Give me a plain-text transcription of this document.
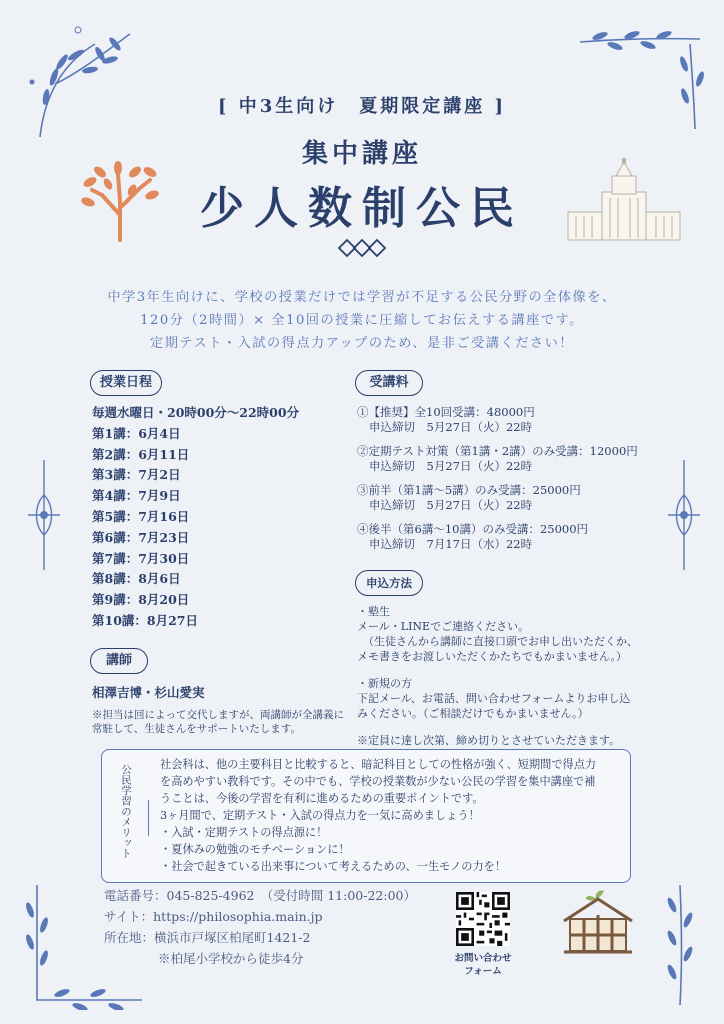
[ 中3生向け　夏期限定講座 ]
集中講座
少人数制公民
中学3年生向けに、学校の授業だけでは学習が不足する公民分野の全体像を、
120分（2時間）× 全10回の授業に圧縮してお伝えする講座です。
定期テスト・入試の得点力アップのため、是非ご受講ください！
授業日程
毎週水曜日・20時00分〜22時00分
第1講：6月4日
第2講：6月11日
第3講：7月2日
第4講：7月9日
第5講：7月16日
第6講：7月23日
第7講：7月30日
第8講：8月6日
第9講：8月20日
第10講：8月27日
講師
相澤吉博・杉山愛実
※担当は回によって交代しますが、両講師が全講義に
常駐して、生徒さんをサポートいたします。
受講料
①【推奨】全10回受講：48000円
申込締切　5月27日（火）22時
②定期テスト対策（第1講・2講）のみ受講：12000円
申込締切　5月27日（火）22時
③前半（第1講〜5講）のみ受講：25000円
申込締切　5月27日（火）22時
④後半（第6講〜10講）のみ受講：25000円
申込締切　7月17日（水）22時
申込方法
・塾生
メール・LINEでご連絡ください。
（生徒さんから講師に直接口頭でお申し出いただくか、
メモ書きをお渡しいただくかたちでもかまいません。）
・新規の方
下記メール、お電話、問い合わせフォームよりお申し込
みください。（ご相談だけでもかまいません。）
※定員に達し次第、締め切りとさせていただきます。
公民学習のメリット	社会科は、他の主要科目と比較すると、暗記科目としての性格が強く、短期間で得点力
を高めやすい教科です。その中でも、学校の授業数が少ない公民の学習を集中講座で補
うことは、今後の学習を有利に進めるための重要ポイントです。
3ヶ月間で、定期テスト・入試の得点力を一気に高めましょう！
・入試・定期テストの得点源に！
・夏休みの勉強のモチベーションに！
・社会で起きている出来事について考えるための、一生モノの力を！
電話番号：045-825-4962　（受付時間 11:00-22:00）
サイト：https://philosophia.main.jp
所在地：横浜市戸塚区柏尾町1421-2
※柏尾小学校から徒歩4分	お問い合わせ
フォーム
